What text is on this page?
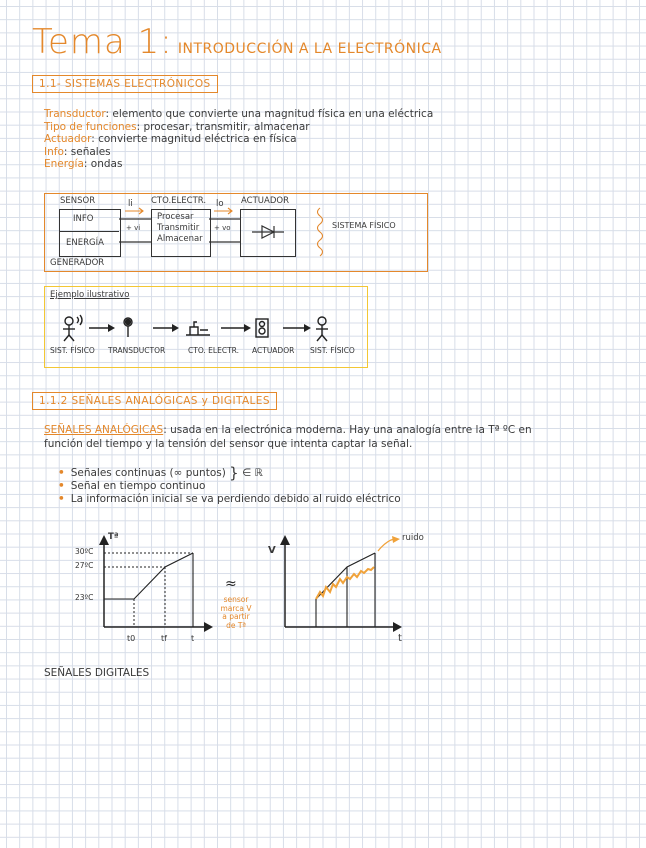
Tema 1: INTRODUCCIÓN A LA ELECTRÓNICA
1.1- SISTEMAS ELECTRÓNICOS
Transductor: elemento que convierte una magnitud física en una eléctrica
Tipo de funciones: procesar, transmitir, almacenar
Actuador: convierte magnitud eléctrica en física
Info: señales
Energía: ondas
SENSOR	CTO.ELECTR.	ACTUADOR
INFO
ENERGÍA
GENERADOR
Procesar
Transmitir
Almacenar
li
+ vi
lo
+ vo	SISTEMA FÍSICO
Ejemplo ilustrativo
SIST. FÍSICO TRANSDUCTOR	CTO. ELECTR. ACTUADOR SIST. FÍSICO
1.1.2 SEÑALES ANALÓGICAS y DIGITALES
SEÑALES ANALÓGICAS: usada en la electrónica moderna. Hay una analogía entre la Tª ºC en
función del tiempo y la tensión del sensor que intenta captar la señal.
• Señales continuas (∞ puntos) } ∈ ℝ
• Señal en tiempo continuo
• La información inicial se va perdiendo debido al ruido eléctrico
Tª
30ºC
27ºC
23ºC
t0	tf	t
≈
sensor
marca V
a partir
de Tª
V
t
ruido
SEÑALES DIGITALES
